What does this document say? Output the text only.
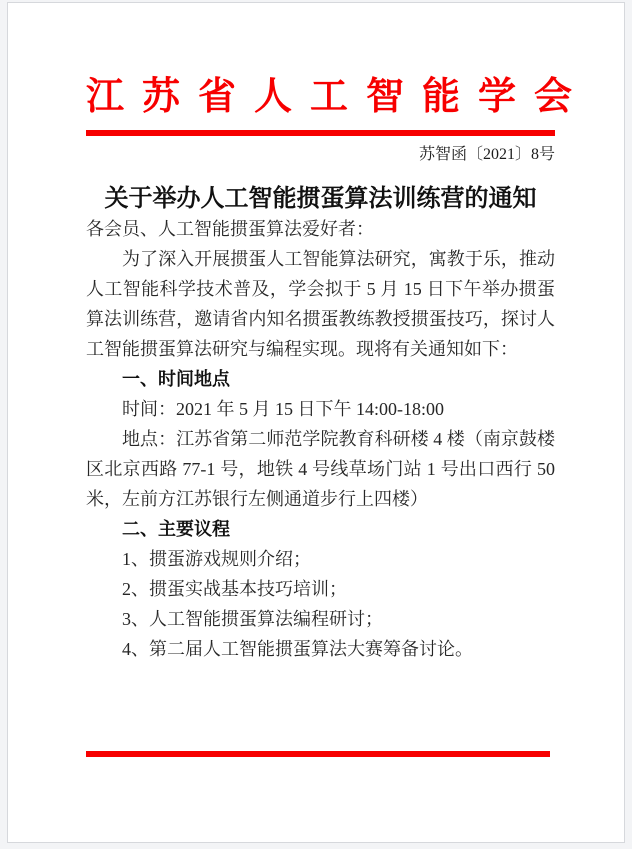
江苏省人工智能学会
苏智函〔2021〕8号
关于举办人工智能掼蛋算法训练营的通知

各会员、人工智能掼蛋算法爱好者：

为了深入开展掼蛋人工智能算法研究，寓教于乐，推动人工智能科学技术普及，学会拟于 5 月 15 日下午举办掼蛋算法训练营，邀请省内知名掼蛋教练教授掼蛋技巧，探讨人工智能掼蛋算法研究与编程实现。现将有关通知如下：

一、时间地点

时间：2021 年 5 月 15 日下午 14:00-18:00

地点：江苏省第二师范学院教育科研楼 4 楼（南京鼓楼区北京西路 77-1 号，地铁 4 号线草场门站 1 号出口西行 50 米，左前方江苏银行左侧通道步行上四楼）

二、主要议程

1、掼蛋游戏规则介绍；

2、掼蛋实战基本技巧培训；

3、人工智能掼蛋算法编程研讨；

4、第二届人工智能掼蛋算法大赛筹备讨论。
